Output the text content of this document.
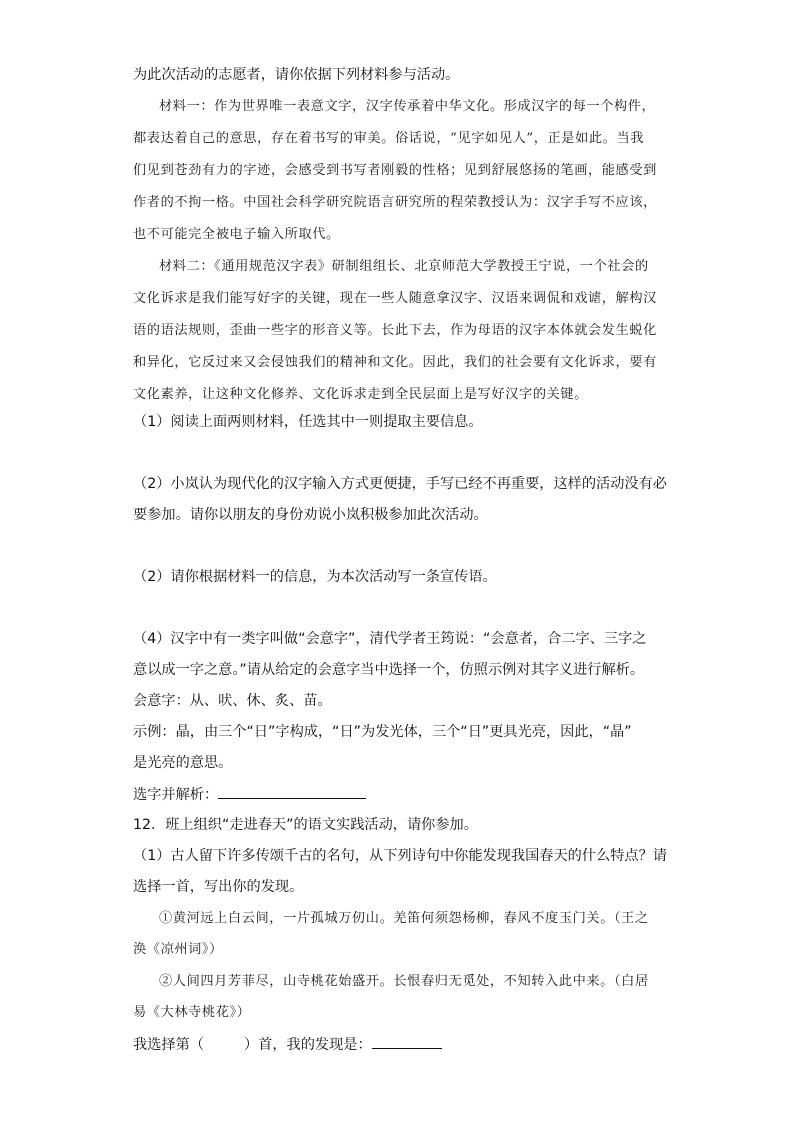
为此次活动的志愿者，请你依据下列材料参与活动。
材料一：作为世界唯一表意文字，汉字传承着中华文化。形成汉字的每一个构件，
都表达着自己的意思，存在着书写的审美。俗话说，“见字如见人”，正是如此。当我
们见到苍劲有力的字迹，会感受到书写者刚毅的性格；见到舒展悠扬的笔画，能感受到
作者的不拘一格。中国社会科学研究院语言研究所的程荣教授认为：汉字手写不应该，
也不可能完全被电子输入所取代。
材料二：《通用规范汉字表》研制组组长、北京师范大学教授王宁说，一个社会的
文化诉求是我们能写好字的关键，现在一些人随意拿汉字、汉语来调侃和戏谑，解构汉
语的语法规则，歪曲一些字的形音义等。长此下去，作为母语的汉字本体就会发生蜕化
和异化，它反过来又会侵蚀我们的精神和文化。因此，我们的社会要有文化诉求，要有
文化素养，让这种文化修养、文化诉求走到全民层面上是写好汉字的关键。
（1）阅读上面两则材料，任选其中一则提取主要信息。
（2）小岚认为现代化的汉字输入方式更便捷，手写已经不再重要，这样的活动没有必
要参加。请你以朋友的身份劝说小岚积极参加此次活动。
（2）请你根据材料一的信息，为本次活动写一条宣传语。
（4）汉字中有一类字叫做“会意字”，清代学者王筠说：“会意者，合二字、三字之
意以成一字之意。”请从给定的会意字当中选择一个，仿照示例对其字义进行解析。
会意字：从、吠、休、炙、苗。
示例：晶，由三个“日”字构成，“日”为发光体，三个“日”更具光亮，因此，“晶”
是光亮的意思。
选字并解析：
12．班上组织“走进春天”的语文实践活动，请你参加。
（1）古人留下许多传颂千古的名句，从下列诗句中你能发现我国春天的什么特点？请
选择一首，写出你的发现。
①黄河远上白云间，一片孤城万仞山。羌笛何须怨杨柳，春风不度玉门关。（王之
涣《凉州词》）
②人间四月芳菲尽，山寺桃花始盛开。长恨春归无觅处，不知转入此中来。（白居
易《大林寺桃花》）
我选择第（	）首，我的发现是：
